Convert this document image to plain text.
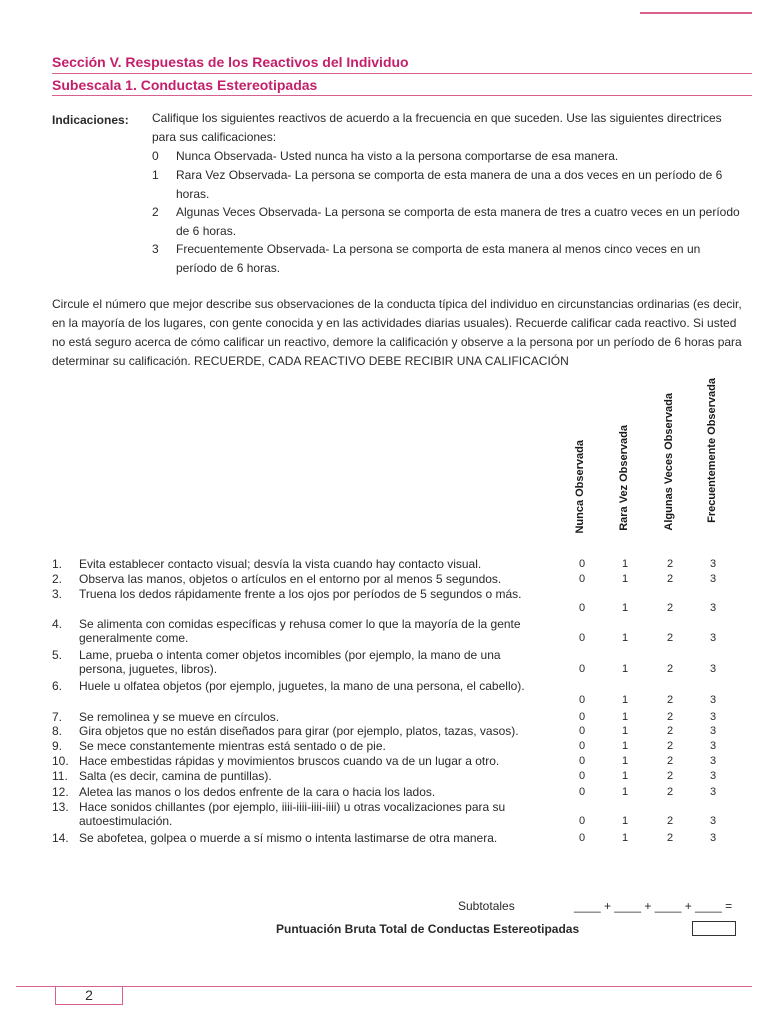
Sección V. Respuestas de los Reactivos del Individuo
Subescala 1. Conductas Estereotipadas
Indicaciones: Califique los siguientes reactivos de acuerdo a la frecuencia en que suceden. Use las siguientes directrices para sus calificaciones:
0	Nunca Observada- Usted nunca ha visto a la persona comportarse de esa manera.
1	Rara Vez Observada- La persona se comporta de esta manera de una a dos veces en un período de 6 horas.
2	Algunas Veces Observada- La persona se comporta de esta manera de tres a cuatro veces en un período de 6 horas.
3	Frecuentemente Observada- La persona se comporta de esta manera al menos cinco veces en un período de 6 horas.
Circule el número que mejor describe sus observaciones de la conducta típica del individuo en circunstancias ordinarias (es decir, en la mayoría de los lugares, con gente conocida y en las actividades diarias usuales). Recuerde calificar cada reactivo. Si usted no está seguro acerca de cómo calificar un reactivo, demore la calificación y observe a la persona por un período de 6 horas para determinar su calificación. RECUERDE, CADA REACTIVO DEBE RECIBIR UNA CALIFICACIÓN
Nunca Observada	Rara Vez Observada	Algunas Veces Observada	Frecuentemente Observada
1.	Evita establecer contacto visual; desvía la vista cuando hay contacto visual.	0	1	2	3
2.	Observa las manos, objetos o artículos en el entorno por al menos 5 segundos.	0	1	2	3
3.	Truena los dedos rápidamente frente a los ojos por períodos de 5 segundos o más.
0	1	2	3
4.	Se alimenta con comidas específicas y rehusa comer lo que la mayoría de la gente generalmente come.	0	1	2	3
5.	Lame, prueba o intenta comer objetos incomibles (por ejemplo, la mano de una persona, juguetes, libros).	0	1	2	3
6.	Huele u olfatea objetos (por ejemplo, juguetes, la mano de una persona, el cabello).
0	1	2	3
7.	Se remolinea y se mueve en círculos.	0	1	2	3
8.	Gira objetos que no están diseñados para girar (por ejemplo, platos, tazas, vasos).	0	1	2	3
9.	Se mece constantemente mientras está sentado o de pie.	0	1	2	3
10. Hace embestidas rápidas y movimientos bruscos cuando va de un lugar a otro.	0	1	2	3
11. Salta (es decir, camina de puntillas).	0	1	2	3
12. Aletea las manos o los dedos enfrente de la cara o hacia los lados.	0	1	2	3
13. Hace sonidos chillantes (por ejemplo, iiii-iiii-iiii-iiii) u otras vocalizaciones para su autoestimulación.	0	1	2	3
14. Se abofetea, golpea o muerde a sí mismo o intenta lastimarse de otra manera.	0	1	2	3
Subtotales	____ + ____ + ____ + ____ =
Puntuación Bruta Total de Conductas Estereotipadas
2
